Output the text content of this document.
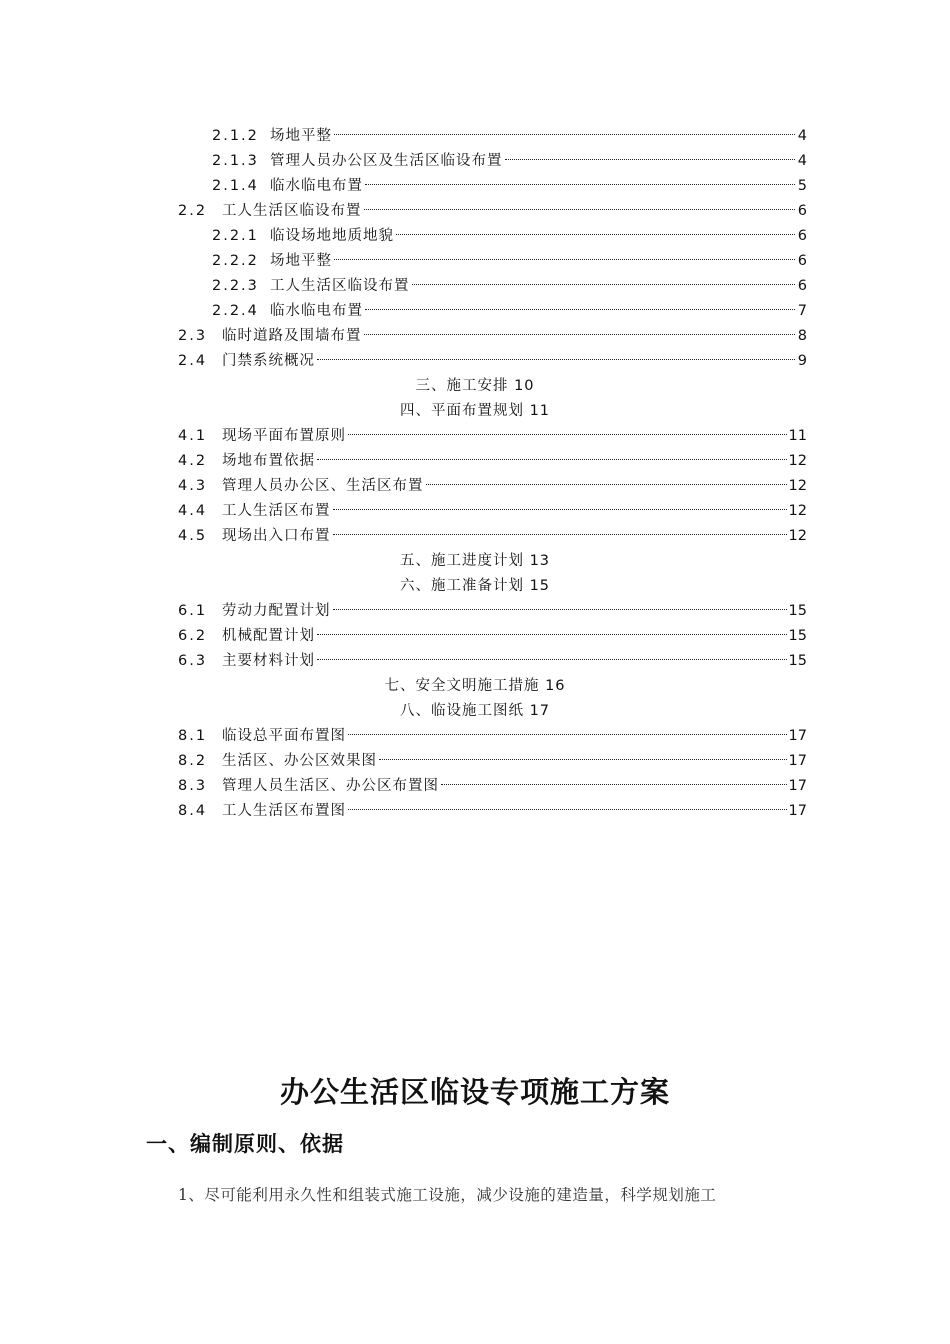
2.1.2 场地平整	4
2.1.3 管理人员办公区及生活区临设布置	4
2.1.4 临水临电布置	5
2.2 工人生活区临设布置	6
2.2.1 临设场地地质地貌	6
2.2.2 场地平整	6
2.2.3 工人生活区临设布置	6
2.2.4 临水临电布置	7
2.3 临时道路及围墙布置	8
2.4 门禁系统概况	9
三、施工安排 10
四、平面布置规划 11
4.1 现场平面布置原则	11
4.2 场地布置依据	12
4.3 管理人员办公区、生活区布置	12
4.4 工人生活区布置	12
4.5 现场出入口布置	12
五、施工进度计划 13
六、施工准备计划 15
6.1 劳动力配置计划	15
6.2 机械配置计划	15
6.3 主要材料计划	15
七、安全文明施工措施 16
八、临设施工图纸 17
8.1 临设总平面布置图	17
8.2 生活区、办公区效果图	17
8.3 管理人员生活区、办公区布置图	17
8.4 工人生活区布置图	17
办公生活区临设专项施工方案
一、编制原则、依据
1、尽可能利用永久性和组装式施工设施，减少设施的建造量，科学规划施工
